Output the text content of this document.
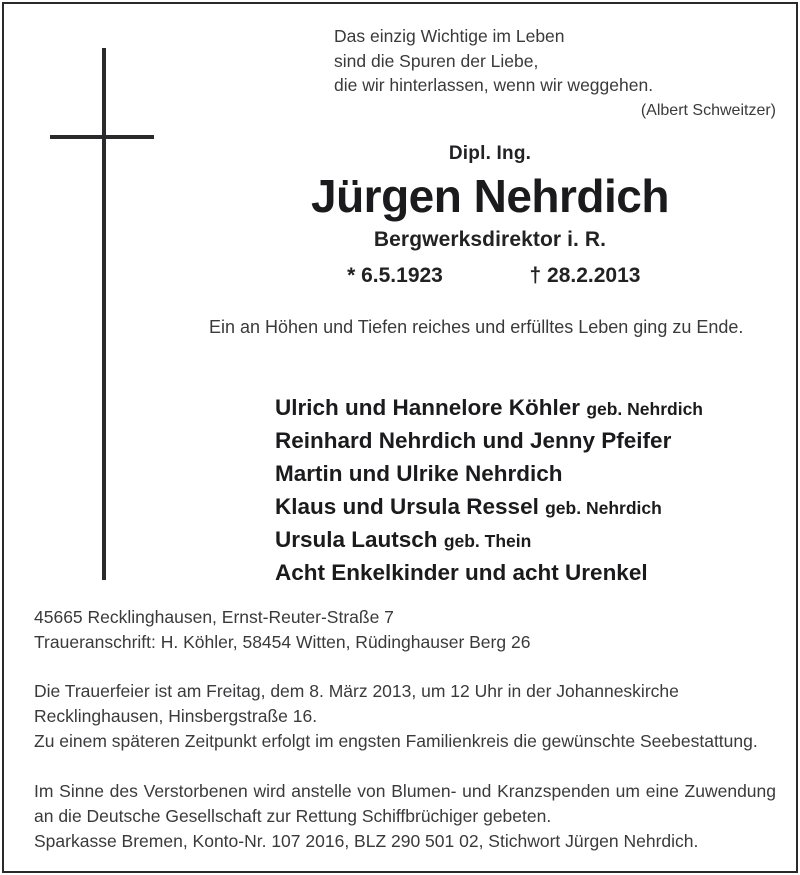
Das einzig Wichtige im Leben
sind die Spuren der Liebe,
die wir hinterlassen, wenn wir weggehen.
(Albert Schweitzer)
Dipl. Ing.
Jürgen Nehrdich
Bergwerksdirektor i. R.
* 6.5.1923	† 28.2.2013
Ein an Höhen und Tiefen reiches und erfülltes Leben ging zu Ende.
Ulrich und Hannelore Köhler geb. Nehrdich
Reinhard Nehrdich und Jenny Pfeifer
Martin und Ulrike Nehrdich
Klaus und Ursula Ressel geb. Nehrdich
Ursula Lautsch geb. Thein
Acht Enkelkinder und acht Urenkel
45665 Recklinghausen, Ernst-Reuter-Straße 7
Traueranschrift: H. Köhler, 58454 Witten, Rüdinghauser Berg 26
Die Trauerfeier ist am Freitag, dem 8. März 2013, um 12 Uhr in der Johanneskirche Recklinghausen, Hinsbergstraße 16.
Zu einem späteren Zeitpunkt erfolgt im engsten Familienkreis die gewünschte Seebestattung.
Im Sinne des Verstorbenen wird anstelle von Blumen- und Kranzspenden um eine Zuwendung an die Deutsche Gesellschaft zur Rettung Schiffbrüchiger gebeten.
Sparkasse Bremen, Konto-Nr. 107 2016, BLZ 290 501 02, Stichwort Jürgen Nehrdich.
